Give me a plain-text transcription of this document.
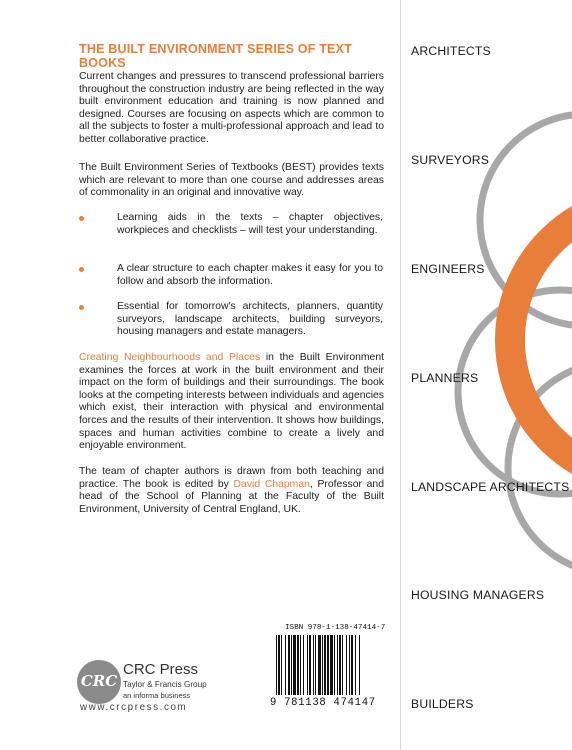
THE BUILT ENVIRONMENT SERIES OF TEXT BOOKS
Current changes and pressures to transcend professional barriers throughout the construction industry are being reflected in the way built environment education and training is now planned and designed. Courses are focusing on aspects which are common to all the subjects to foster a multi-professional approach and lead to better collaborative practice.
The Built Environment Series of Textbooks (BEST) provides texts which are relevant to more than one course and addresses areas of commonality in an original and innovative way.
Learning aids in the texts – chapter objectives, workpieces and checklists – will test your understanding.
A clear structure to each chapter makes it easy for you to follow and absorb the information.
Essential for tomorrow's architects, planners, quantity surveyors, landscape architects, building surveyors, housing managers and estate managers.
Creating Neighbourhoods and Places in the Built Environment examines the forces at work in the built environment and their impact on the form of buildings and their surroundings. The book looks at the competing interests between individuals and agencies which exist, their interaction with physical and environmental forces and the results of their intervention. It shows how buildings, spaces and human activities combine to create a lively and enjoyable environment.
The team of chapter authors is drawn from both teaching and practice. The book is edited by David Chapman, Professor and head of the School of Planning at the Faculty of the Built Environment, University of Central England, UK.
ARCHITECTS
SURVEYORS
ENGINEERS
PLANNERS
LANDSCAPE ARCHITECTS
HOUSING MANAGERS
BUILDERS
CRC
CRC Press
Taylor & Francis Group
an informa business
www.crcpress.com
ISBN 978-1-138-47414-7
9 781138 474147
